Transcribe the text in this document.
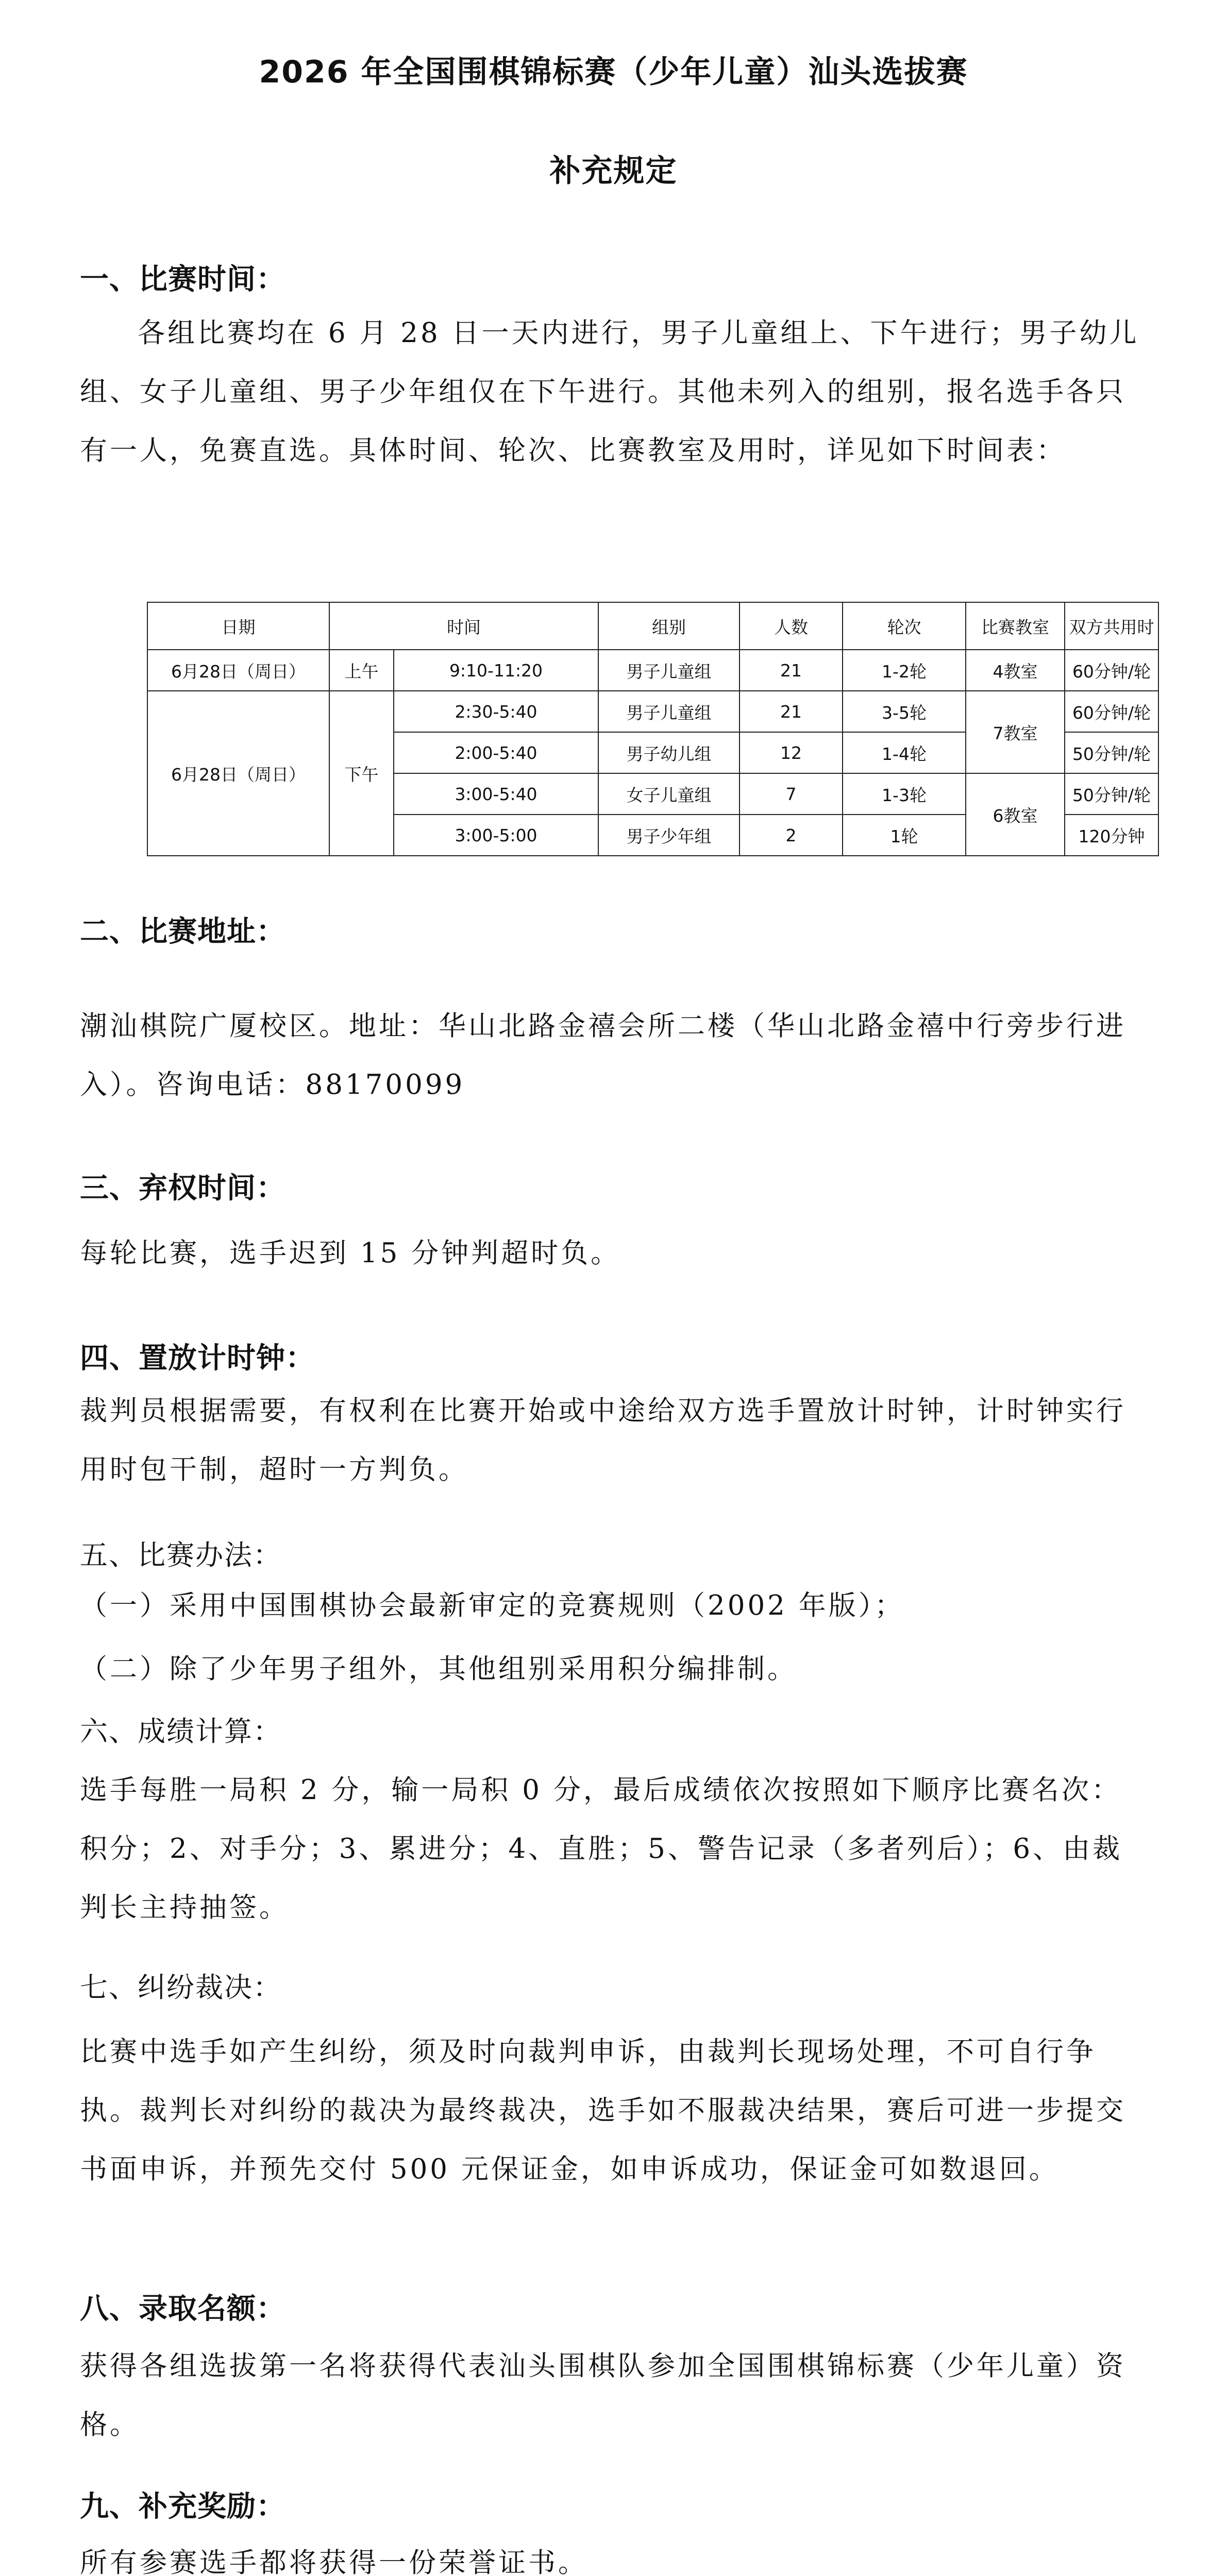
2026 年全国围棋锦标赛（少年儿童）汕头选拔赛
补充规定
一、比赛时间：

各组比赛均在 6 月 28 日一天内进行，男子儿童组上、下午进行；男子幼儿组、女子儿童组、男子少年组仅在下午进行。其他未列入的组别，报名选手各只有一人，免赛直选。具体时间、轮次、比赛教室及用时，详见如下时间表：

日期	时间		组别	人数	轮次	比赛教室	双方共用时
6月28日（周日）	上午	9:10-11:20	男子儿童组	21	1-2轮	4教室	60分钟/轮
6月28日（周日）	下午	2:30-5:40	男子儿童组	21	3-5轮	7教室	60分钟/轮
		2:00-5:40	男子幼儿组	12	1-4轮		50分钟/轮
		3:00-5:40	女子儿童组	7	1-3轮	6教室	50分钟/轮
		3:00-5:00	男子少年组	2	1轮		120分钟
二、比赛地址：

潮汕棋院广厦校区。地址：华山北路金禧会所二楼（华山北路金禧中行旁步行进入）。咨询电话：88170099

三、弃权时间：
每轮比赛，选手迟到 15 分钟判超时负。
四、置放计时钟：

裁判员根据需要，有权利在比赛开始或中途给双方选手置放计时钟，计时钟实行用时包干制，超时一方判负。

五、比赛办法：
（一）采用中国围棋协会最新审定的竞赛规则（2002 年版）；
（二）除了少年男子组外，其他组别采用积分编排制。
六、成绩计算：

选手每胜一局积 2 分，输一局积 0 分，最后成绩依次按照如下顺序比赛名次：积分；2、对手分；3、累进分；4、直胜；5、警告记录（多者列后）；6、由裁判长主持抽签。

七、纠纷裁决：

比赛中选手如产生纠纷，须及时向裁判申诉，由裁判长现场处理，不可自行争执。裁判长对纠纷的裁决为最终裁决，选手如不服裁决结果，赛后可进一步提交书面申诉，并预先交付 500 元保证金，如申诉成功，保证金可如数退回。

八、录取名额：

获得各组选拔第一名将获得代表汕头围棋队参加全国围棋锦标赛（少年儿童）资格。

九、补充奖励：
所有参赛选手都将获得一份荣誉证书。
